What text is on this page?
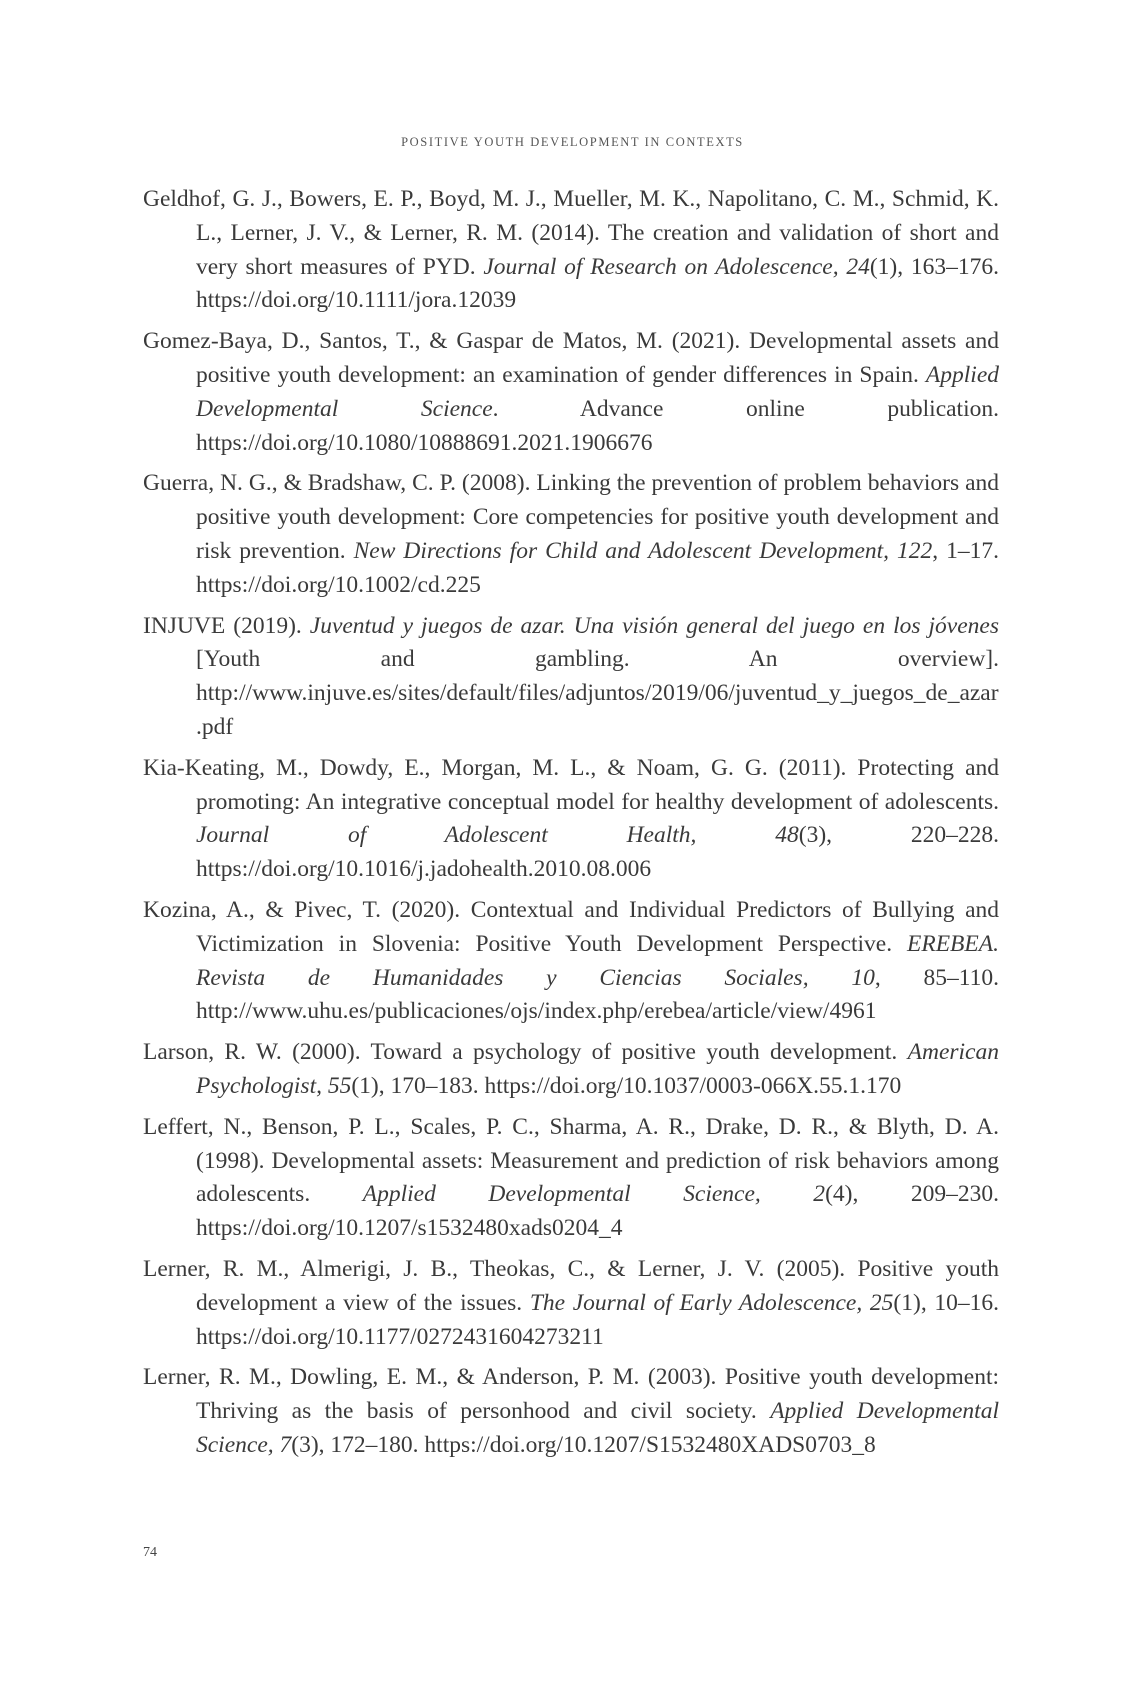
POSITIVE YOUTH DEVELOPMENT IN CONTEXTS

Geldhof, G. J., Bowers, E. P., Boyd, M. J., Mueller, M. K., Napolitano, C. M., Schmid, K. L., Lerner, J. V., & Lerner, R. M. (2014). The creation and validation of short and very short measures of PYD. Journal of Research on Adolescence, 24(1), 163–176. https://doi.org/10.1111/jora.12039

Gomez-Baya, D., Santos, T., & Gaspar de Matos, M. (2021). Developmental assets and positive youth development: an examination of gender differences in Spain. Applied Developmental Science. Advance online publication. https://doi.org/10.1080/10888691.2021.1906676

Guerra, N. G., & Bradshaw, C. P. (2008). Linking the prevention of problem behaviors and positive youth development: Core competencies for positive youth development and risk prevention. New Directions for Child and Adolescent Development, 122, 1–17. https://doi.org/10.1002/cd.225

INJUVE (2019). Juventud y juegos de azar. Una visión general del juego en los jóvenes [Youth and gambling. An overview]. http://www.injuve.es/sites/default/files/adjuntos/2019/06/juventud_y_juegos_de_azar.pdf

Kia-Keating, M., Dowdy, E., Morgan, M. L., & Noam, G. G. (2011). Protecting and promoting: An integrative conceptual model for healthy development of adolescents. Journal of Adolescent Health, 48(3), 220–228. https://doi.org/10.1016/j.jadohealth.2010.08.006

Kozina, A., & Pivec, T. (2020). Contextual and Individual Predictors of Bullying and Victimization in Slovenia: Positive Youth Development Perspective. EREBEA. Revista de Humanidades y Ciencias Sociales, 10, 85–110. http://www.uhu.es/publicaciones/ojs/index.php/erebea/article/view/4961

Larson, R. W. (2000). Toward a psychology of positive youth development. American Psychologist, 55(1), 170–183. https://doi.org/10.1037/0003-066X.55.1.170

Leffert, N., Benson, P. L., Scales, P. C., Sharma, A. R., Drake, D. R., & Blyth, D. A. (1998). Developmental assets: Measurement and prediction of risk behaviors among adolescents. Applied Developmental Science, 2(4), 209–230. https://doi.org/10.1207/s1532480xads0204_4

Lerner, R. M., Almerigi, J. B., Theokas, C., & Lerner, J. V. (2005). Positive youth development a view of the issues. The Journal of Early Adolescence, 25(1), 10–16. https://doi.org/10.1177/0272431604273211

Lerner, R. M., Dowling, E. M., & Anderson, P. M. (2003). Positive youth development: Thriving as the basis of personhood and civil society. Applied Developmental Science, 7(3), 172–180. https://doi.org/10.1207/S1532480XADS0703_8

74
